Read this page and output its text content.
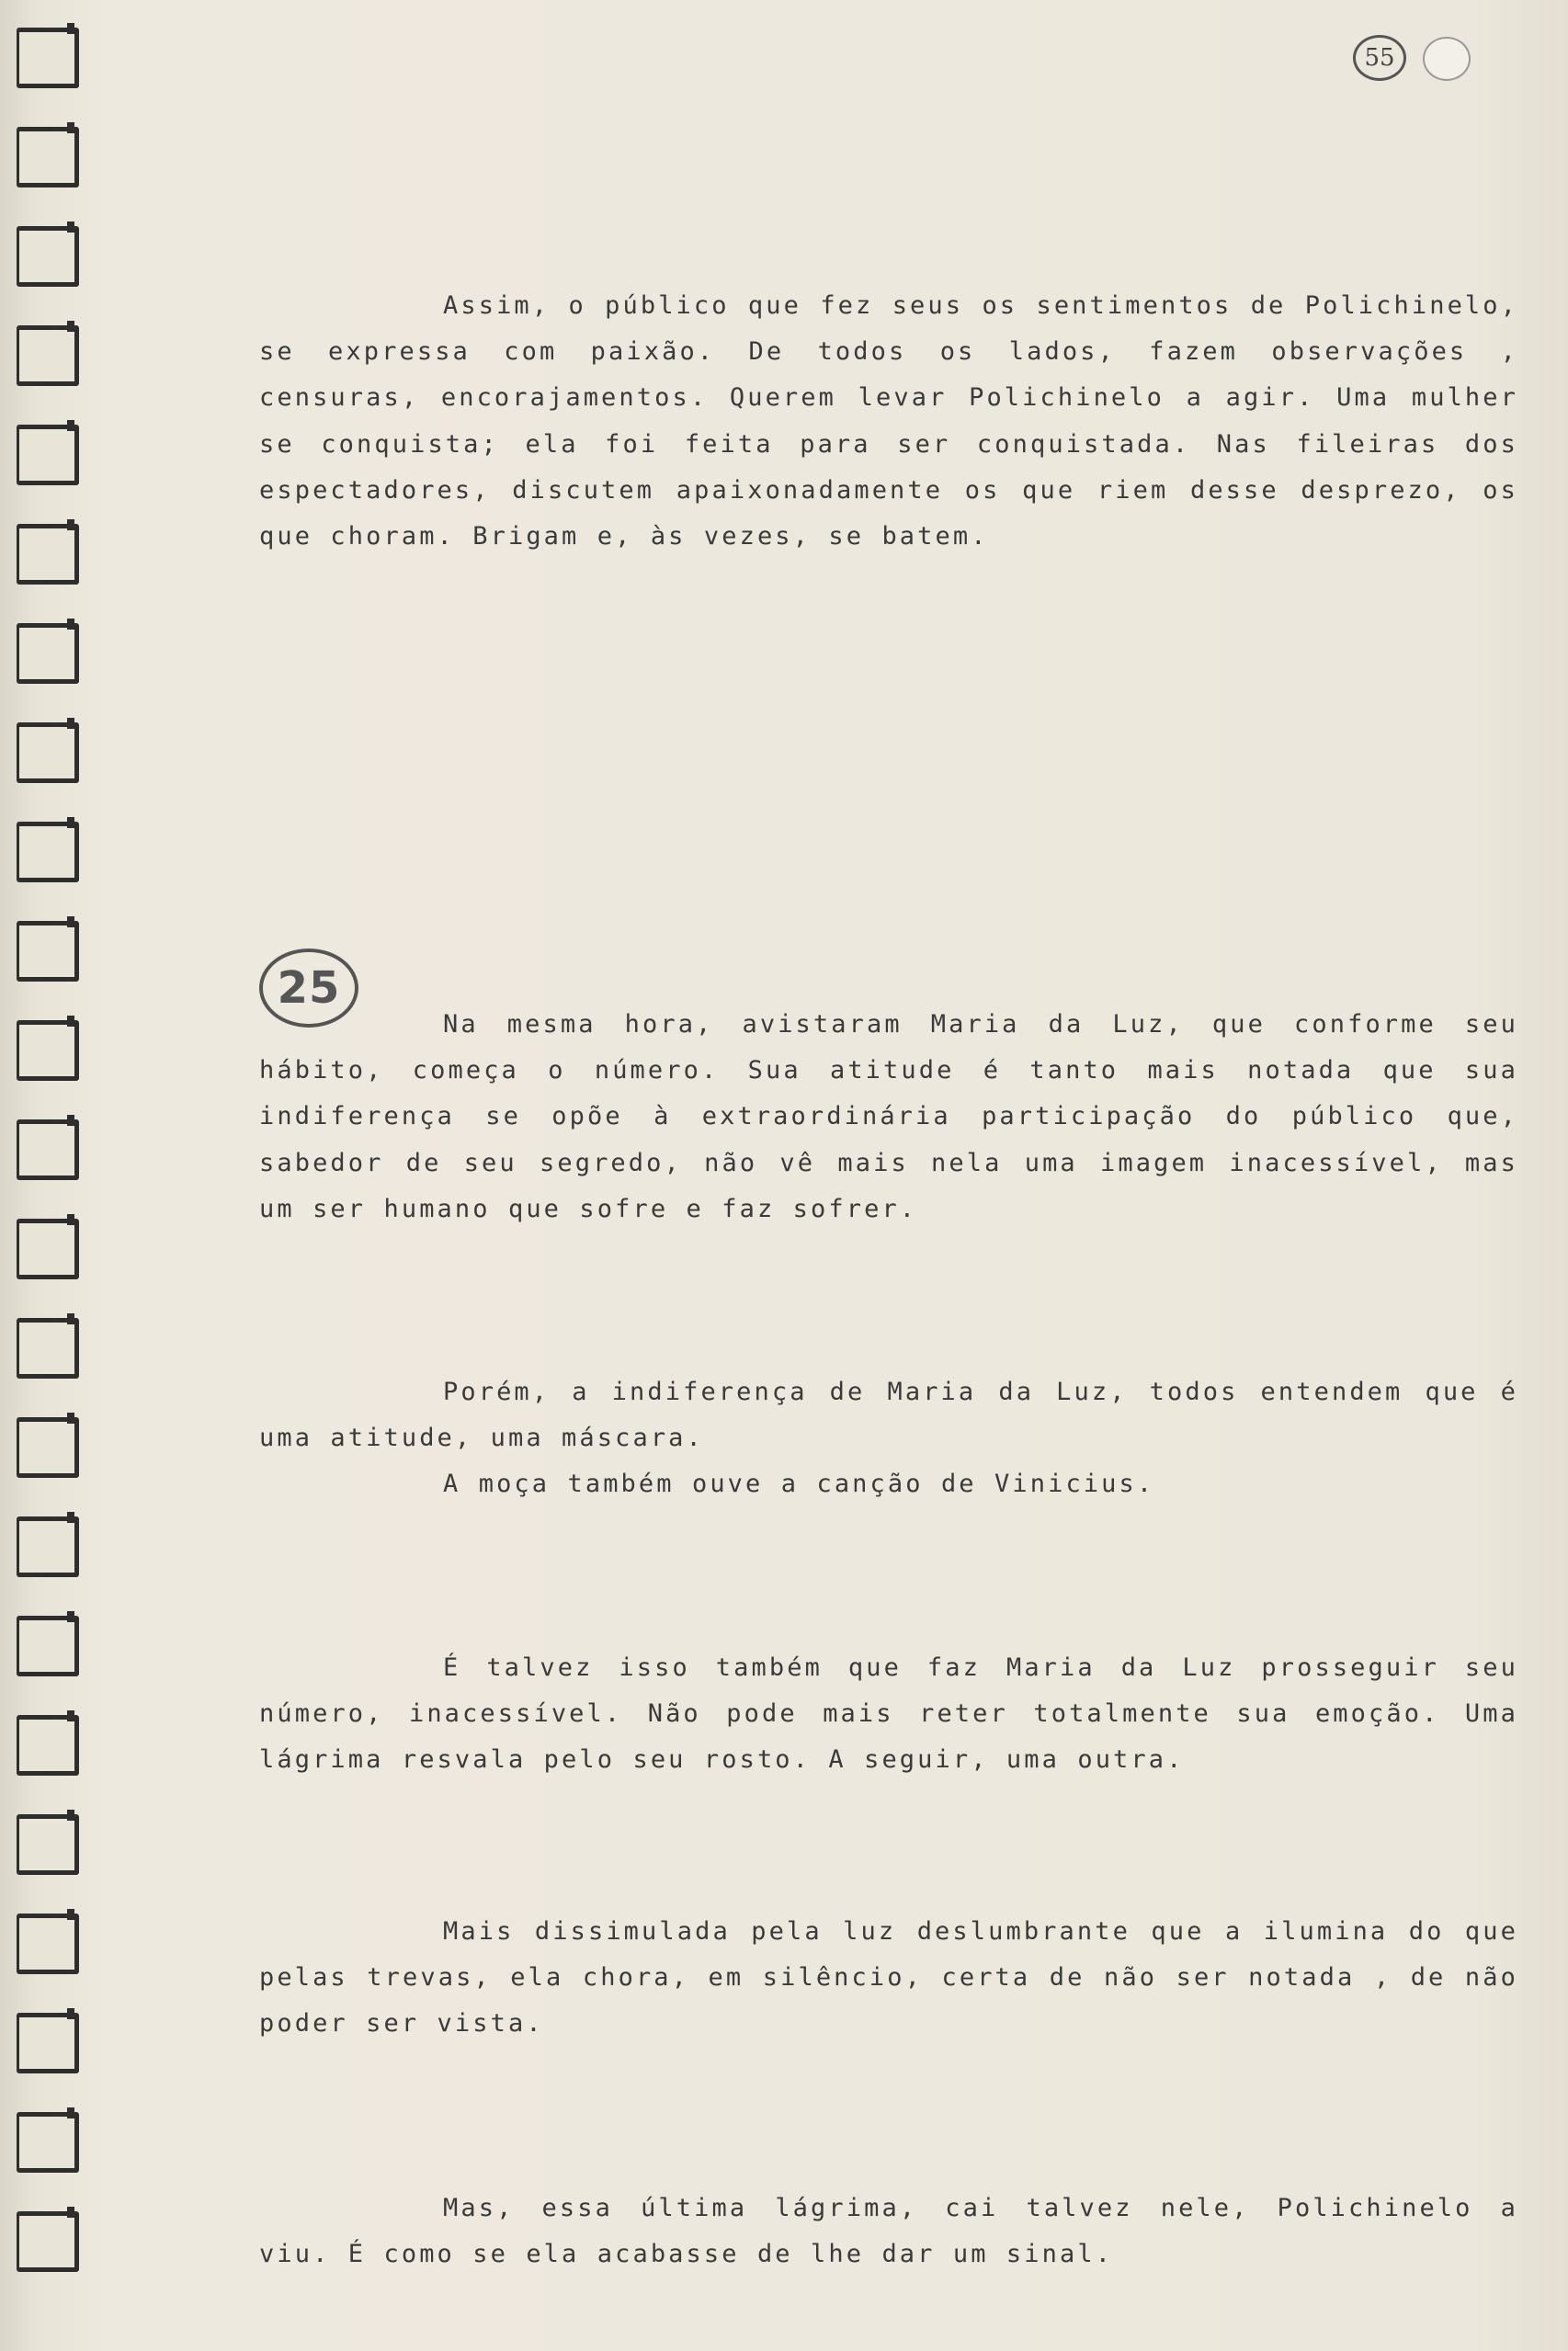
55
25

Assim, o público que fez seus os sentimentos de Polichinelo, se expressa com paixão. De todos os lados, fazem observações , censuras, encorajamentos. Querem levar Polichinelo a agir. Uma mulher se conquista; ela foi feita para ser conquistada. Nas fileiras dos espectadores, discutem apaixonadamente os que riem desse desprezo, os que choram. Brigam e, às vezes, se batem.

Na mesma hora, avistaram Maria da Luz, que conforme seu hábito, começa o número. Sua atitude é tanto mais notada que sua indiferença se opõe à extraordinária participação do público que, sabedor de seu segredo, não vê mais nela uma imagem inacessível, mas um ser humano que sofre e faz sofrer.

Porém, a indiferença de Maria da Luz, todos entendem que é uma atitude, uma máscara.

A moça também ouve a canção de Vinicius.

É talvez isso também que faz Maria da Luz prosseguir seu número, inacessível. Não pode mais reter totalmente sua emoção. Uma lágrima resvala pelo seu rosto. A seguir, uma outra.

Mais dissimulada pela luz deslumbrante que a ilumina do que pelas trevas, ela chora, em silêncio, certa de não ser notada , de não poder ser vista.

Mas, essa última lágrima, cai talvez nele, Polichinelo a viu. É como se ela acabasse de lhe dar um sinal.
